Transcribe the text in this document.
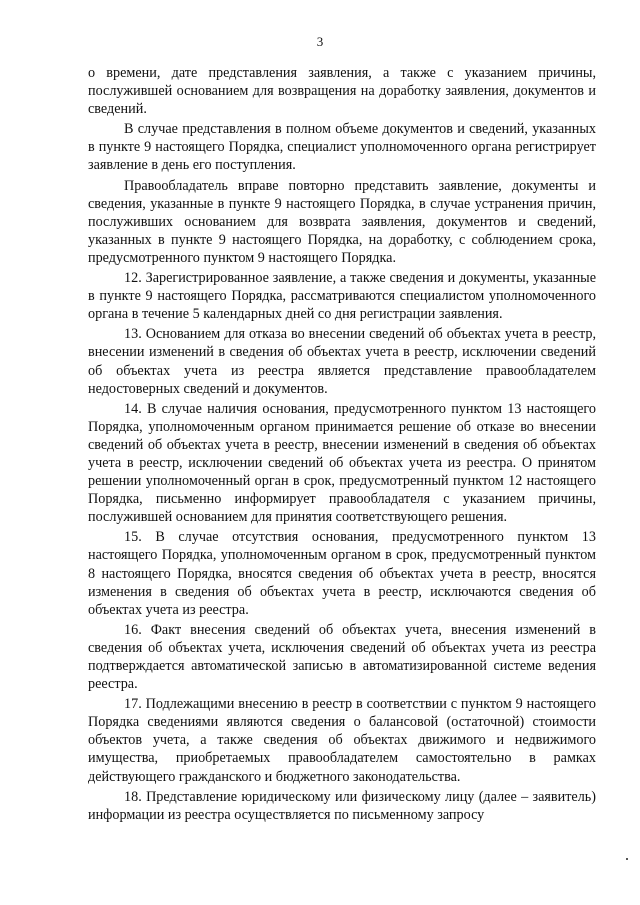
3

о времени, дате представления заявления, а также с указанием причины, послужившей основанием для возвращения на доработку заявления, документов и сведений.

В случае представления в полном объеме документов и сведений, указанных в пункте 9 настоящего Порядка, специалист уполномоченного органа регистрирует заявление в день его поступления.

Правообладатель вправе повторно представить заявление, документы и сведения, указанные в пункте 9 настоящего Порядка, в случае устранения причин, послуживших основанием для возврата заявления, документов и сведений, указанных в пункте 9 настоящего Порядка, на доработку, с соблюдением срока, предусмотренного пунктом 9 настоящего Порядка.

12. Зарегистрированное заявление, а также сведения и документы, указанные в пункте 9 настоящего Порядка, рассматриваются специалистом уполномоченного органа в течение 5 календарных дней со дня регистрации заявления.

13. Основанием для отказа во внесении сведений об объектах учета в реестр, внесении изменений в сведения об объектах учета в реестр, исключении сведений об объектах учета из реестра является представление правообладателем недостоверных сведений и документов.

14. В случае наличия основания, предусмотренного пунктом 13 настоящего Порядка, уполномоченным органом принимается решение об отказе во внесении сведений об объектах учета в реестр, внесении изменений в сведения об объектах учета в реестр, исключении сведений об объектах учета из реестра. О принятом решении уполномоченный орган в срок, предусмотренный пунктом 12 настоящего Порядка, письменно информирует правообладателя с указанием причины, послужившей основанием для принятия соответствующего решения.

15. В случае отсутствия основания, предусмотренного пунктом 13 настоящего Порядка, уполномоченным органом в срок, предусмотренный пунктом 8 настоящего Порядка, вносятся сведения об объектах учета в реестр, вносятся изменения в сведения об объектах учета в реестр, исключаются сведения об объектах учета из реестра.

16. Факт внесения сведений об объектах учета, внесения изменений в сведения об объектах учета, исключения сведений об объектах учета из реестра подтверждается автоматической записью в автоматизированной системе ведения реестра.

17. Подлежащими внесению в реестр в соответствии с пунктом 9 настоящего Порядка сведениями являются сведения о балансовой (остаточной) стоимости объектов учета, а также сведения об объектах движимого и недвижимого имущества, приобретаемых правообладателем самостоятельно в рамках действующего гражданского и бюджетного законодательства.

18. Представление юридическому или физическому лицу (далее – заявитель) информации из реестра осуществляется по письменному запросу
